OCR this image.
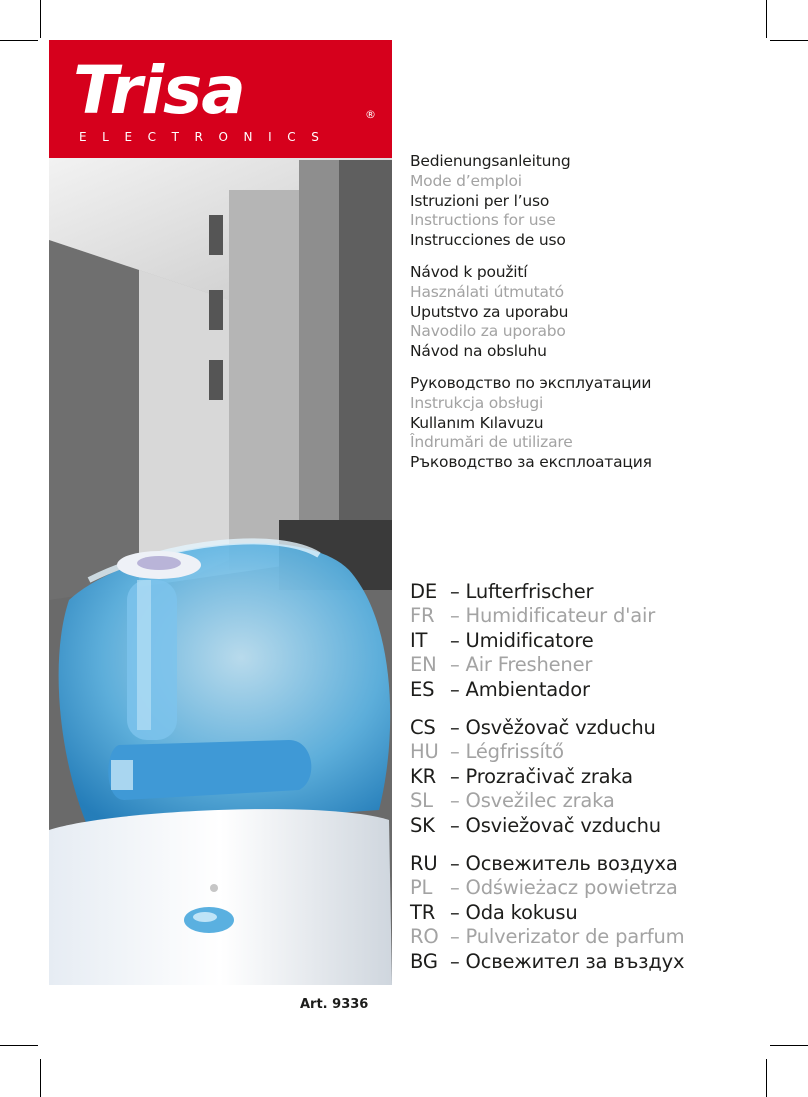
Trisa	®
ELECTRONICS
Bedienungsanleitung
Mode d’emploi
Istruzioni per l’uso
Instructions for use
Instrucciones de uso
Návod k použití
Használati útmutató
Uputstvo za uporabu
Navodilo za uporabo
Návod na obsluhu
Руководство по эксплуатации
Instrukcja obsługi
Kullanım Kılavuzu
Îndrumări de utilizare
Ръководство за експлоатация
DE – Lufterfrischer
FR – Humidificateur d'air
IT	– Umidificatore
EN – Air Freshener
ES – Ambientador
CS – Osvěžovač vzduchu
HU – Légfrissítő
KR – Prozračivač zraka
SL – Osvežilec zraka
SK – Osviežovač vzduchu
RU – Освежитель воздуха
PL – Odświeżacz powietrza
TR – Oda kokusu
RO – Pulverizator de parfum
BG – Освежител за въздух
Art. 9336
